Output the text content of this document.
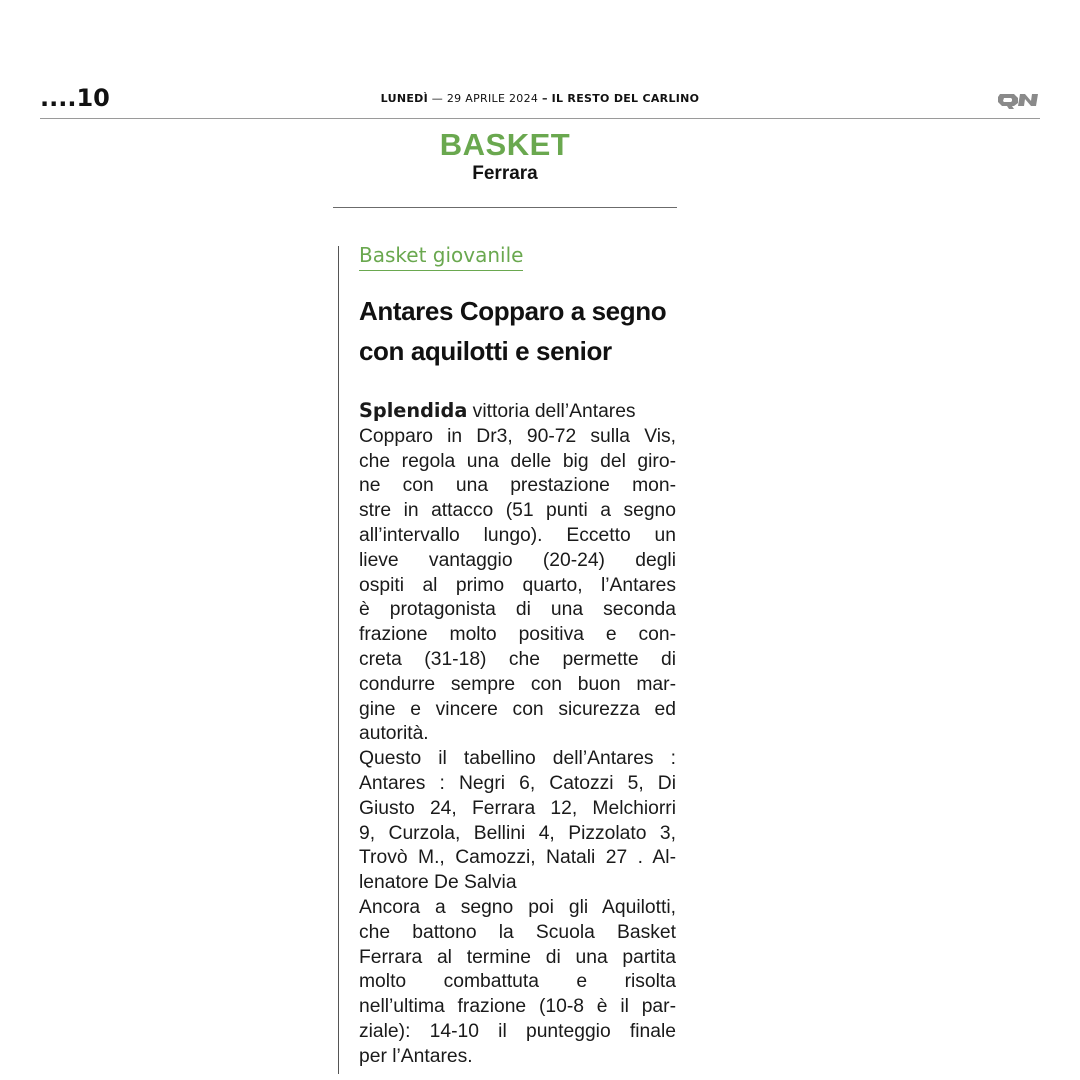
....10	LUNEDÌ — 29 APRILE 2024 – IL RESTO DEL CARLINO
BASKET
Ferrara
Basket giovanile
Antares Copparo a segno
con aquilotti e senior
Splendida vittoria dell’Antares
Copparo in Dr3, 90-72 sulla Vis,
che regola una delle big del giro-
ne con una prestazione mon-
stre in attacco (51 punti a segno
all’intervallo lungo). Eccetto un
lieve vantaggio (20-24) degli
ospiti al primo quarto, l’Antares
è protagonista di una seconda
frazione molto positiva e con-
creta (31-18) che permette di
condurre sempre con buon mar-
gine e vincere con sicurezza ed
autorità.
Questo il tabellino dell’Antares :
Antares : Negri 6, Catozzi 5, Di
Giusto 24, Ferrara 12, Melchiorri
9, Curzola, Bellini 4, Pizzolato 3,
Trovò M., Camozzi, Natali 27 . Al-
lenatore De Salvia
Ancora a segno poi gli Aquilotti,
che battono la Scuola Basket
Ferrara al termine di una partita
molto combattuta e risolta
nell’ultima frazione (10-8 è il par-
ziale): 14-10 il punteggio finale
per l’Antares.
